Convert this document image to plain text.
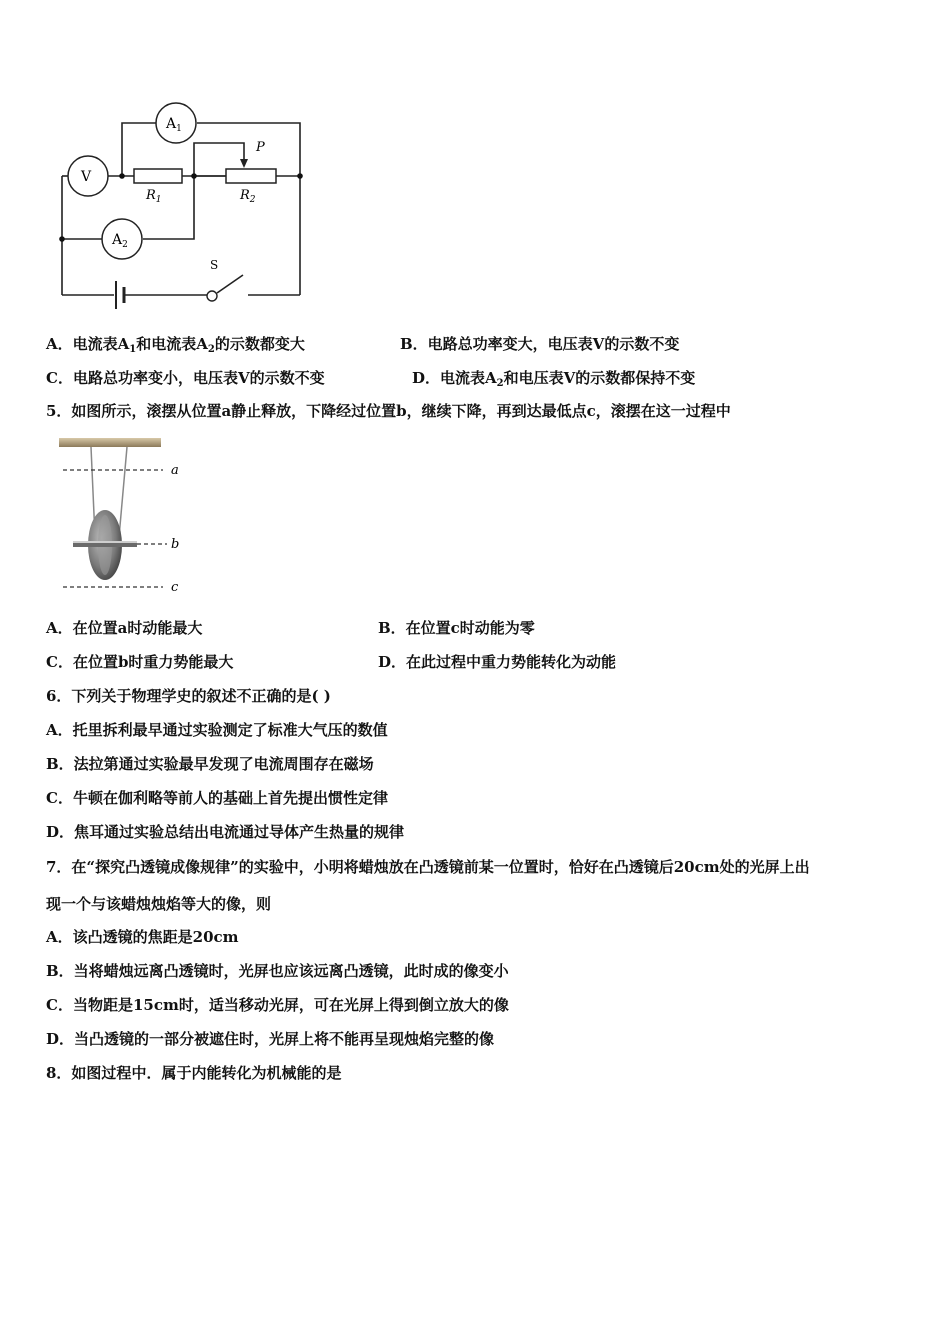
$A_1$
V
$A_2$
P
$R_1$	$R_2$
S
A．电流表$A_1$和电流表$A_2$的示数都变大	B．电路总功率变大，电压表V的示数不变
C．电路总功率变小，电压表V的示数不变	D．电流表$A_2$和电压表V的示数都保持不变
5．如图所示，滚摆从位置a静止释放，下降经过位置b，继续下降，再到达最低点c，滚摆在这一过程中
a
b
c
A．在位置a时动能最大	B．在位置c时动能为零
C．在位置b时重力势能最大	D．在此过程中重力势能转化为动能
6．下列关于物理学史的叙述不正确的是( )
A．托里拆利最早通过实验测定了标准大气压的数值
B．法拉第通过实验最早发现了电流周围存在磁场
C．牛顿在伽利略等前人的基础上首先提出惯性定律
D．焦耳通过实验总结出电流通过导体产生热量的规律
7．在“探究凸透镜成像规律”的实验中，小明将蜡烛放在凸透镜前某一位置时，恰好在凸透镜后20cm处的光屏上出
现一个与该蜡烛烛焰等大的像，则
A．该凸透镜的焦距是20cm
B．当将蜡烛远离凸透镜时，光屏也应该远离凸透镜，此时成的像变小
C．当物距是15cm时，适当移动光屏，可在光屏上得到倒立放大的像
D．当凸透镜的一部分被遮住时，光屏上将不能再呈现烛焰完整的像
8．如图过程中．属于内能转化为机械能的是
